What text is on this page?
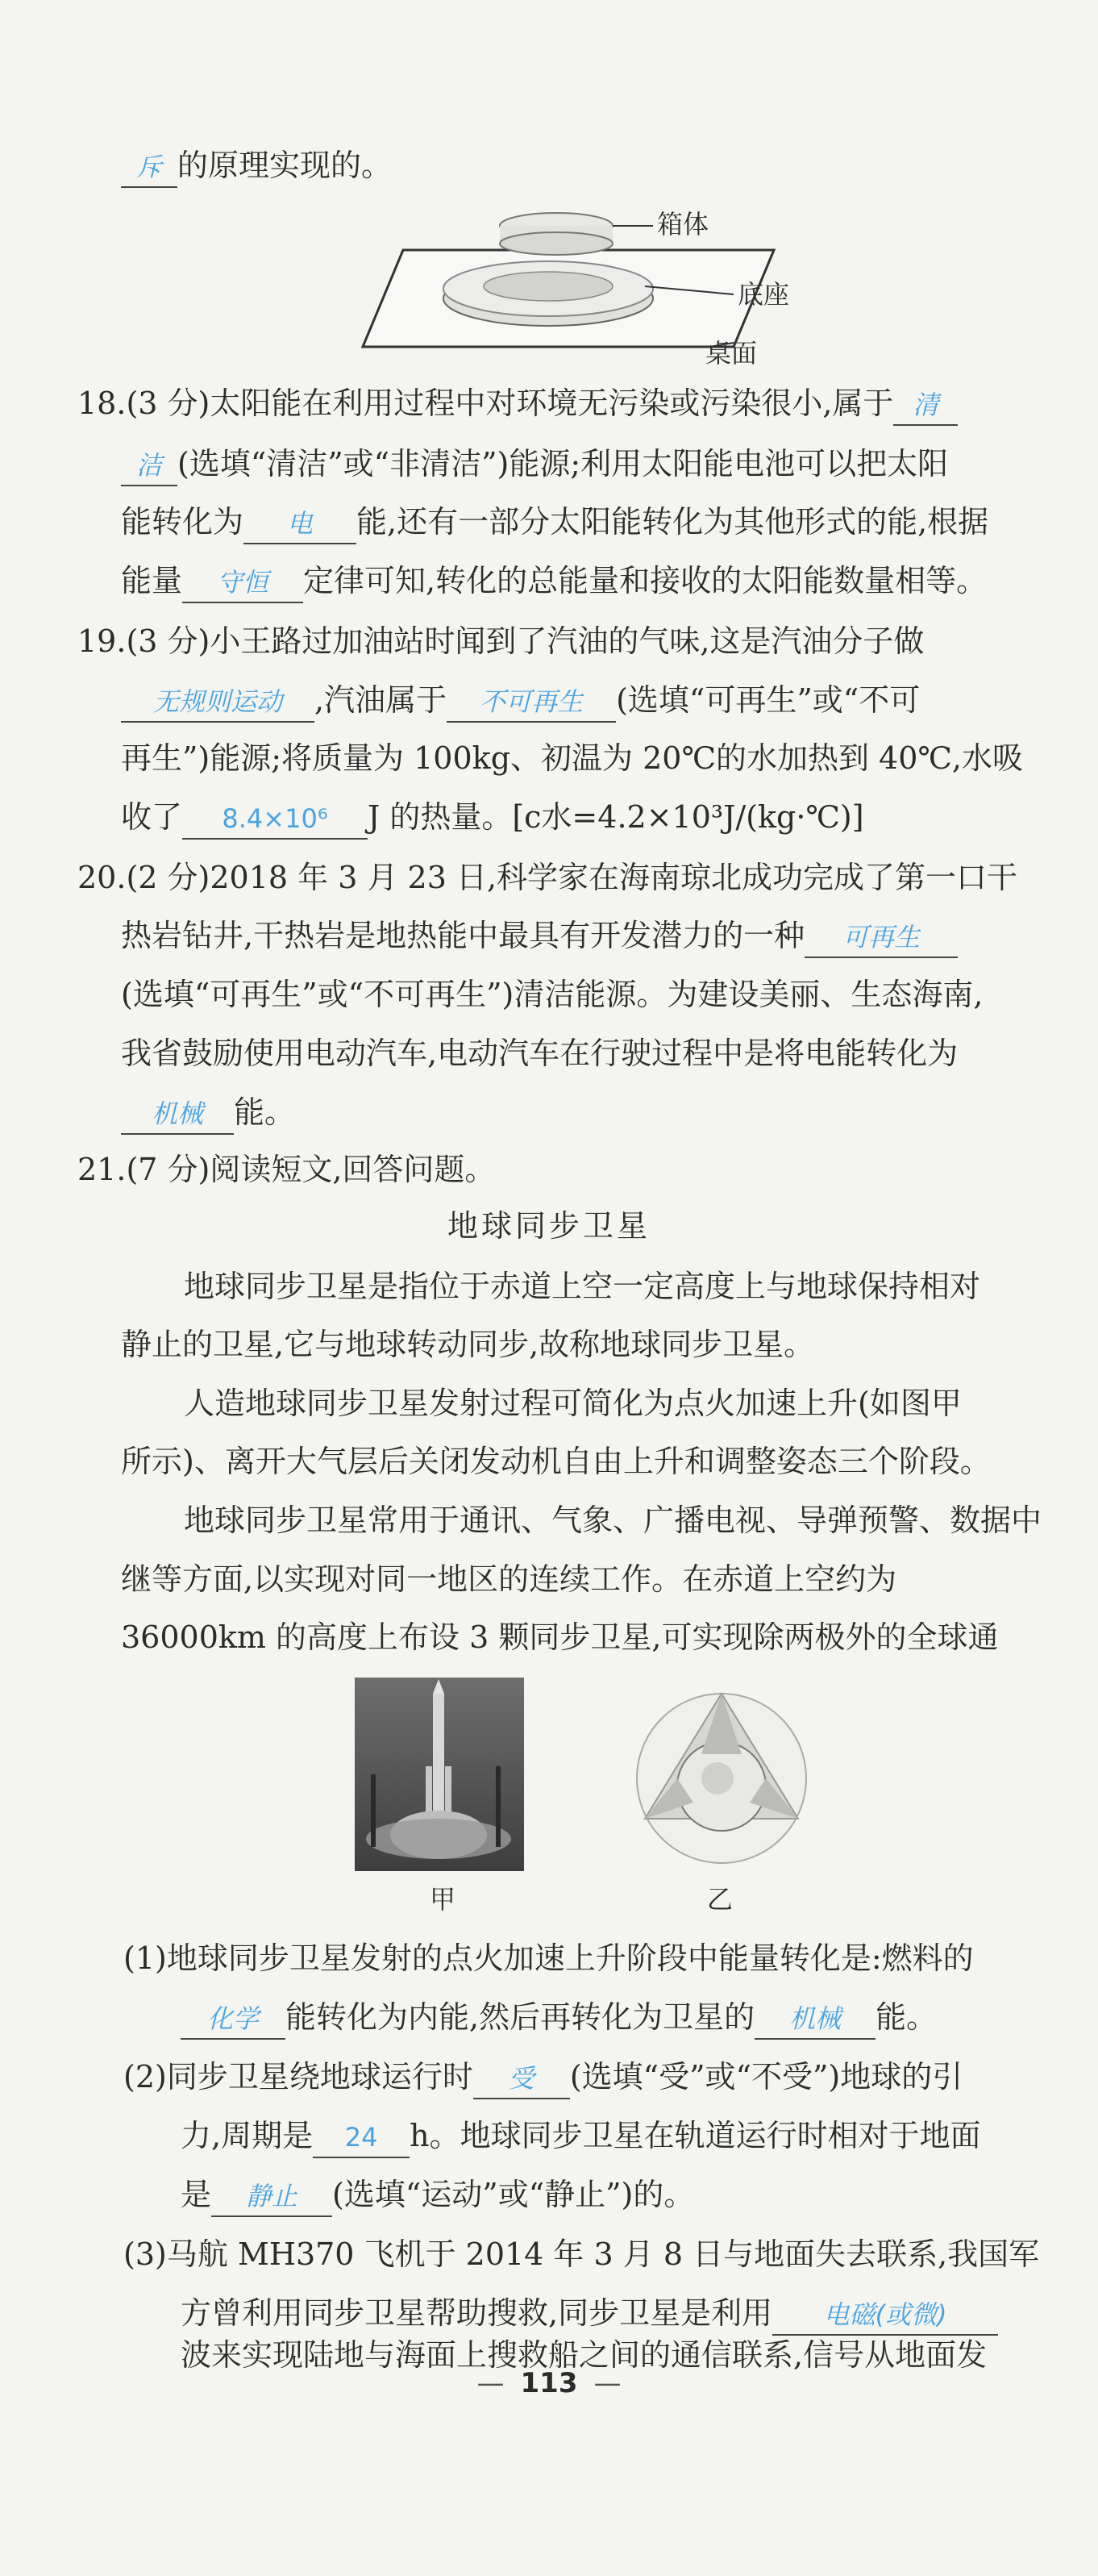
斥 的原理实现的。
箱体
底座
桌面
18.(3 分)太阳能在利用过程中对环境无污染或污染很小,属于 清
洁 (选填“清洁”或“非清洁”)能源;利用太阳能电池可以把太阳
能转化为 电 能,还有一部分太阳能转化为其他形式的能,根据
能量 守恒 定律可知,转化的总能量和接收的太阳能数量相等。
19.(3 分)小王路过加油站时闻到了汽油的气味,这是汽油分子做
无规则运动 ,汽油属于 不可再生 (选填“可再生”或“不可
再生”)能源;将质量为 100kg、初温为 20℃的水加热到 40℃,水吸
收了 8.4×10⁶ J 的热量。[c水=4.2×10³J/(kg·℃)]
20.(2 分)2018 年 3 月 23 日,科学家在海南琼北成功完成了第一口干
热岩钻井,干热岩是地热能中最具有开发潜力的一种 可再生
(选填“可再生”或“不可再生”)清洁能源。为建设美丽、生态海南,
我省鼓励使用电动汽车,电动汽车在行驶过程中是将电能转化为
机械 能。
21.(7 分)阅读短文,回答问题。
地球同步卫星
地球同步卫星是指位于赤道上空一定高度上与地球保持相对
静止的卫星,它与地球转动同步,故称地球同步卫星。
人造地球同步卫星发射过程可简化为点火加速上升(如图甲
所示)、离开大气层后关闭发动机自由上升和调整姿态三个阶段。
地球同步卫星常用于通讯、气象、广播电视、导弹预警、数据中
继等方面,以实现对同一地区的连续工作。在赤道上空约为
36000km 的高度上布设 3 颗同步卫星,可实现除两极外的全球通
甲	乙
(1)地球同步卫星发射的点火加速上升阶段中能量转化是:燃料的
化学 能转化为内能,然后再转化为卫星的 机械 能。
(2)同步卫星绕地球运行时 受 (选填“受”或“不受”)地球的引
力,周期是 24 h。地球同步卫星在轨道运行时相对于地面
是 静止 (选填“运动”或“静止”)的。
(3)马航 MH370 飞机于 2014 年 3 月 8 日与地面失去联系,我国军
方曾利用同步卫星帮助搜救,同步卫星是利用 电磁(或微)
— 113 —
波来实现陆地与海面上搜救船之间的通信联系,信号从地面发
